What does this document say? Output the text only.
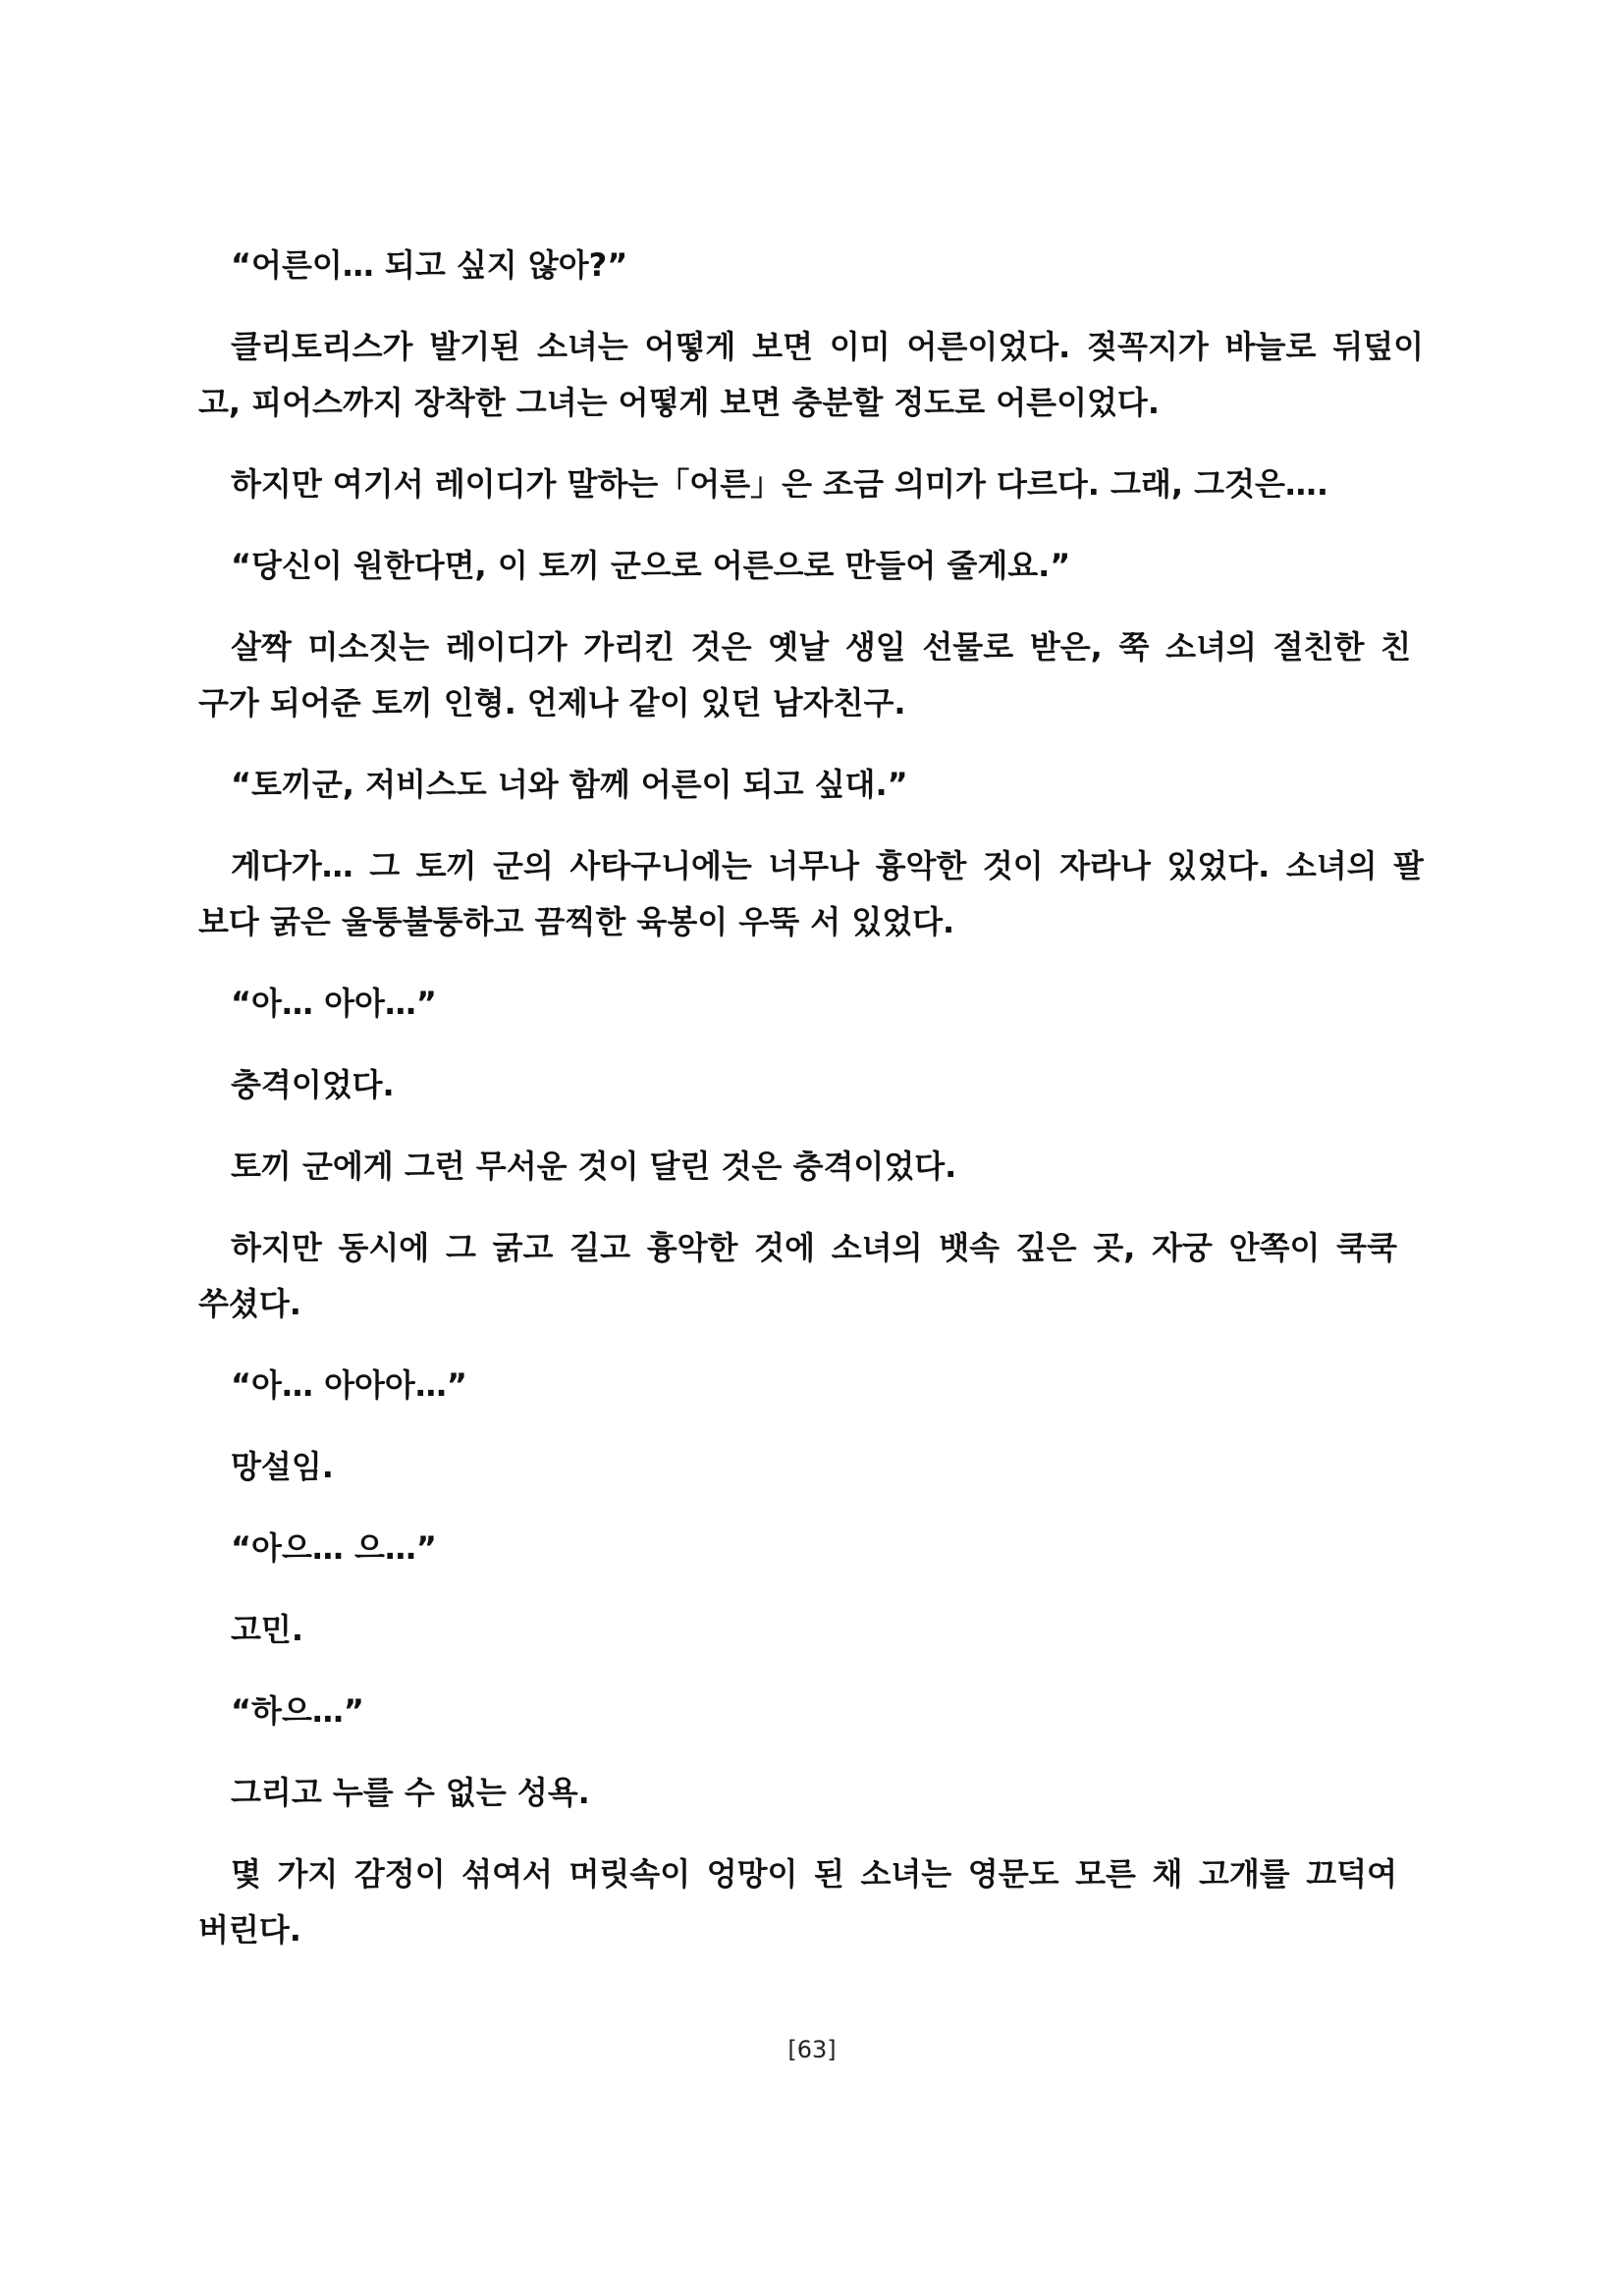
“어른이… 되고 싶지 않아?”
클리토리스가 발기된 소녀는 어떻게 보면 이미 어른이었다. 젖꼭지가 바늘로 뒤덮이
고, 피어스까지 장착한 그녀는 어떻게 보면 충분할 정도로 어른이었다.
하지만 여기서 레이디가 말하는「어른」은 조금 의미가 다르다. 그래, 그것은….
“당신이 원한다면, 이 토끼 군으로 어른으로 만들어 줄게요.”
살짝 미소짓는 레이디가 가리킨 것은 옛날 생일 선물로 받은, 쭉 소녀의 절친한 친
구가 되어준 토끼 인형. 언제나 같이 있던 남자친구.
“토끼군, 저비스도 너와 함께 어른이 되고 싶대.”
게다가… 그 토끼 군의 사타구니에는 너무나 흉악한 것이 자라나 있었다. 소녀의 팔
보다 굵은 울퉁불퉁하고 끔찍한 육봉이 우뚝 서 있었다.
“아… 아아…”
충격이었다.
토끼 군에게 그런 무서운 것이 달린 것은 충격이었다.
하지만 동시에 그 굵고 길고 흉악한 것에 소녀의 뱃속 깊은 곳, 자궁 안쪽이 쿡쿡
쑤셨다.
“아… 아아아…”
망설임.
“아으… 으…”
고민.
“하으…”
그리고 누를 수 없는 성욕.
몇 가지 감정이 섞여서 머릿속이 엉망이 된 소녀는 영문도 모른 채 고개를 끄덕여
버린다.
[63]
